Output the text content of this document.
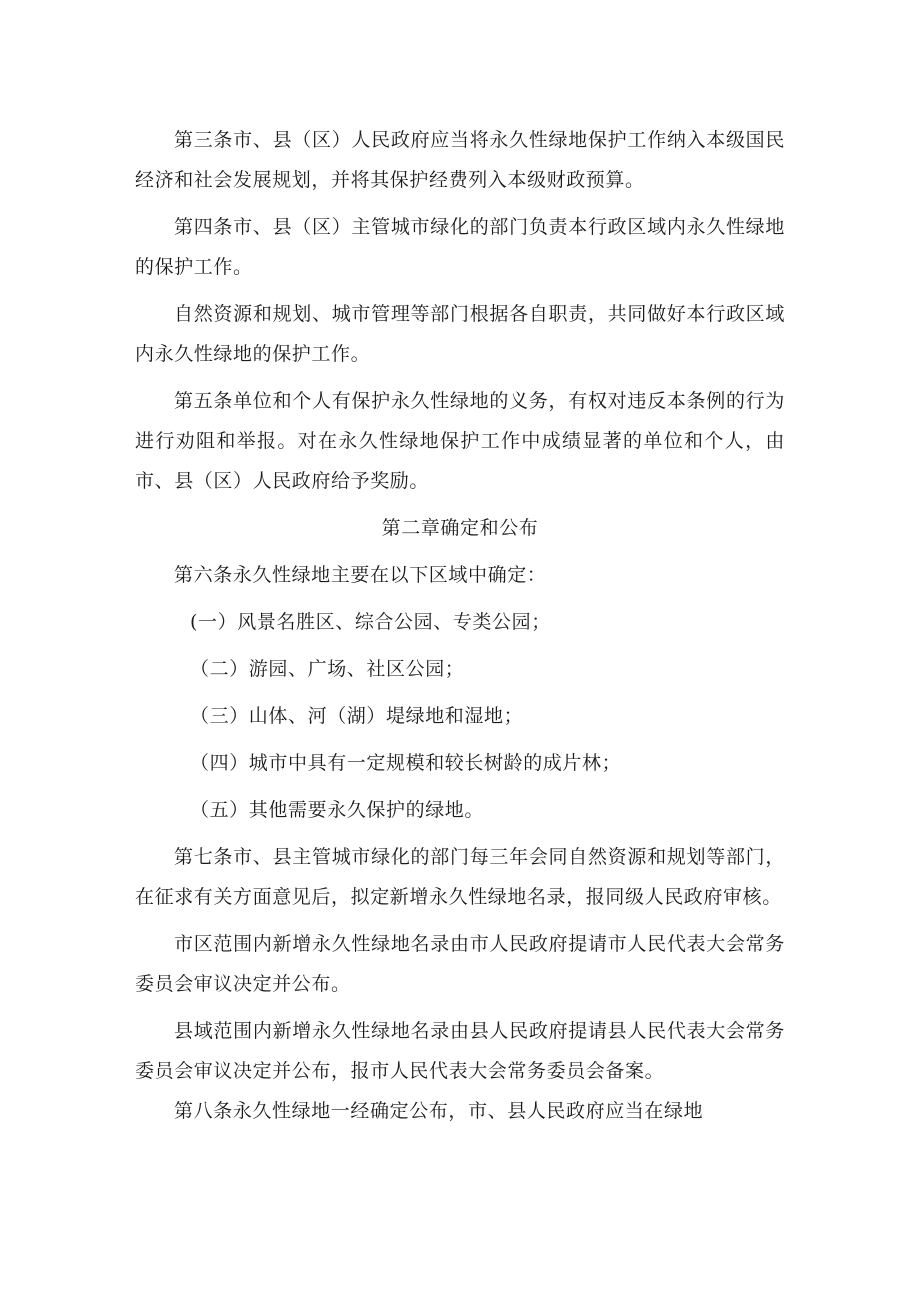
第三条市、县（区）人民政府应当将永久性绿地保护工作纳入本级国民经济和社会发展规划，并将其保护经费列入本级财政预算。

第四条市、县（区）主管城市绿化的部门负责本行政区域内永久性绿地的保护工作。

自然资源和规划、城市管理等部门根据各自职责，共同做好本行政区域内永久性绿地的保护工作。

第五条单位和个人有保护永久性绿地的义务，有权对违反本条例的行为进行劝阻和举报。对在永久性绿地保护工作中成绩显著的单位和个人，由市、县（区）人民政府给予奖励。

第二章确定和公布

第六条永久性绿地主要在以下区域中确定：

(一）风景名胜区、综合公园、专类公园；

（二）游园、广场、社区公园；

（三）山体、河（湖）堤绿地和湿地；

（四）城市中具有一定规模和较长树龄的成片林；

（五）其他需要永久保护的绿地。

第七条市、县主管城市绿化的部门每三年会同自然资源和规划等部门，在征求有关方面意见后，拟定新增永久性绿地名录，报同级人民政府审核。

市区范围内新增永久性绿地名录由市人民政府提请市人民代表大会常务委员会审议决定并公布。

县域范围内新增永久性绿地名录由县人民政府提请县人民代表大会常务委员会审议决定并公布，报市人民代表大会常务委员会备案。

第八条永久性绿地一经确定公布，市、县人民政府应当在绿地
